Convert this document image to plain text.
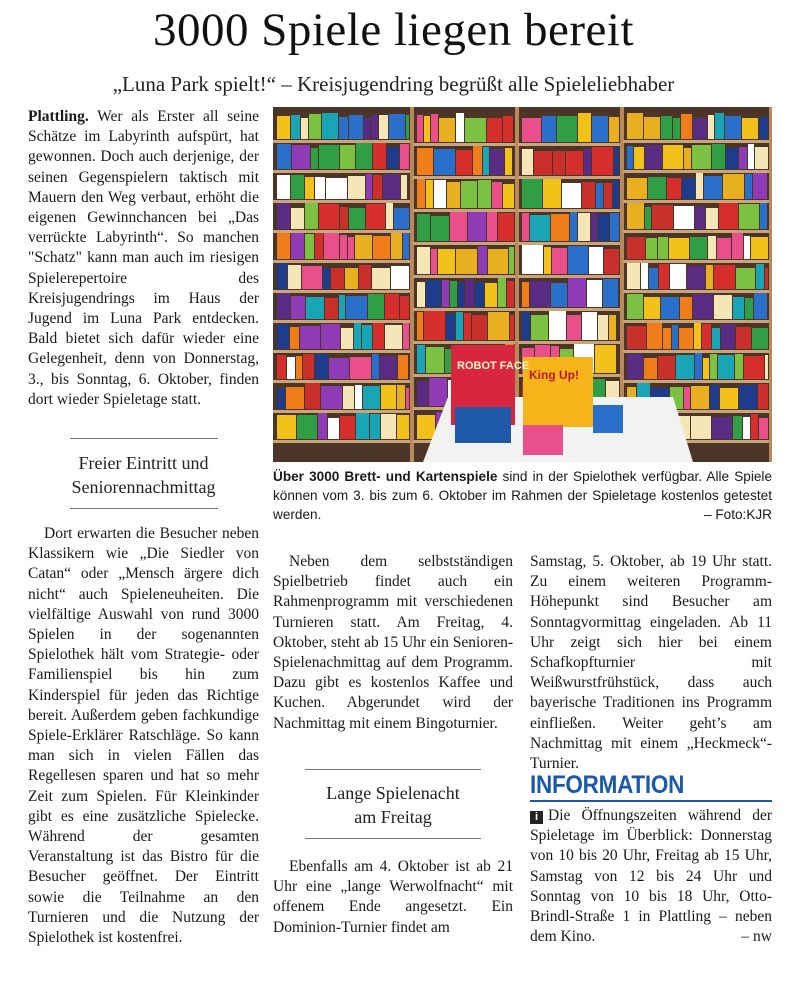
3000 Spiele liegen bereit
„Luna Park spielt!“ – Kreisjugendring begrüßt alle Spieleliebhaber

Plattling. Wer als Erster all seine Schätze im Labyrinth aufspürt, hat gewonnen. Doch auch derjenige, der seinen Gegenspielern taktisch mit Mauern den Weg verbaut, erhöht die eigenen Gewinnchancen bei „Das verrückte Labyrinth“. So manchen "Schatz" kann man auch im riesigen Spielerepertoire des Kreisjugendrings im Haus der Jugend im Luna Park entdecken. Bald bietet sich dafür wieder eine Gelegenheit, denn von Donnerstag, 3., bis Sonntag, 6. Oktober, finden dort wieder Spieletage statt.

Freier Eintritt und
Seniorennachmittag

Dort erwarten die Besucher neben Klassikern wie „Die Siedler von Catan“ oder „Mensch ärgere dich nicht“ auch Spieleneuheiten. Die vielfältige Auswahl von rund 3000 Spielen in der sogenannten Spielothek hält vom Strategie- oder Familienspiel bis hin zum Kinderspiel für jeden das Richtige bereit. Außerdem geben fachkundige Spiele-Erklärer Ratschläge. So kann man sich in vielen Fällen das Regellesen sparen und hat so mehr Zeit zum Spielen. Für Kleinkinder gibt es eine zusätzliche Spielecke. Während der gesamten Veranstaltung ist das Bistro für die Besucher geöffnet. Der Eintritt sowie die Teilnahme an den Turnieren und die Nutzung der Spielothek ist kostenfrei.

ROBOT FACE
King Up!
Über 3000 Brett- und Kartenspiele sind in der Spielothek verfügbar. Alle Spiele können vom 3. bis zum 6. Oktober im Rahmen der Spieletage kostenlos getestet werden.	– Foto:KJR

Neben dem selbstständigen Spielbetrieb findet auch ein Rahmenprogramm mit verschiedenen Turnieren statt. Am Freitag, 4. Oktober, steht ab 15 Uhr ein Senioren-Spielenachmittag auf dem Programm. Dazu gibt es kostenlos Kaffee und Kuchen. Abgerundet wird der Nachmittag mit einem Bingoturnier.

Lange Spielenacht
am Freitag

Ebenfalls am 4. Oktober ist ab 21 Uhr eine „lange Werwolfnacht“ mit offenem Ende angesetzt. Ein Dominion-Turnier findet am

Samstag, 5. Oktober, ab 19 Uhr statt. Zu einem weiteren Programm-Höhepunkt sind Besucher am Sonntagvormittag eingeladen. Ab 11 Uhr zeigt sich hier bei einem Schafkopfturnier mit Weißwurstfrühstück, dass auch bayerische Traditionen ins Programm einfließen. Weiter geht’s am Nachmittag mit einem „Heckmeck“-Turnier.

INFORMATION
i Die Öffnungszeiten während der Spieletage im Überblick: Donnerstag von 10 bis 20 Uhr, Freitag ab 15 Uhr, Samstag von 12 bis 24 Uhr und Sonntag von 10 bis 18 Uhr, Otto-Brindl-Straße 1 in Plattling – neben dem Kino.	– nw
